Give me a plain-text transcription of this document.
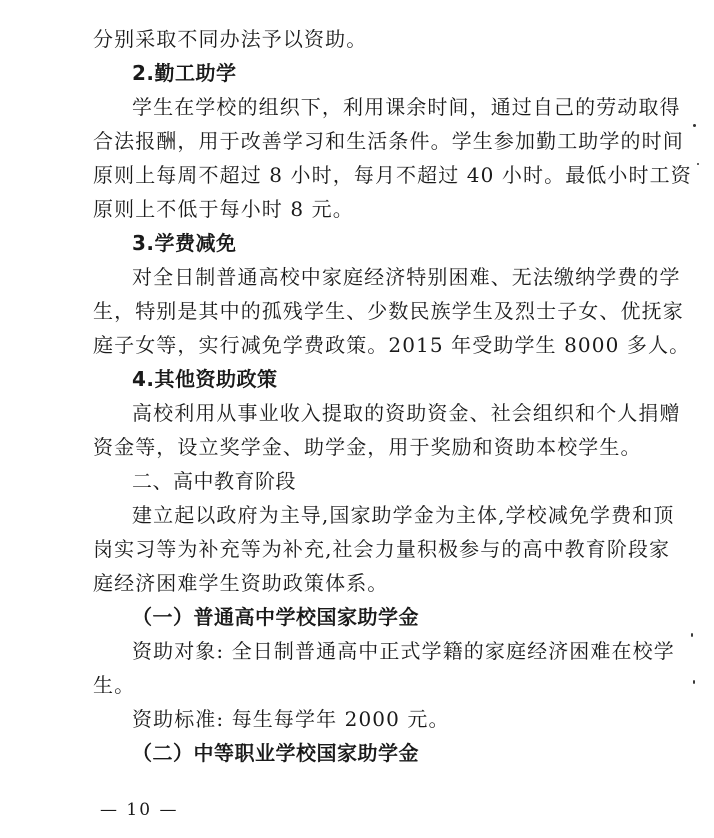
分别采取不同办法予以资助。
2.勤工助学
学生在学校的组织下，利用课余时间，通过自己的劳动取得
合法报酬，用于改善学习和生活条件。学生参加勤工助学的时间
原则上每周不超过 8 小时，每月不超过 40 小时。最低小时工资
原则上不低于每小时 8 元。
3.学费减免
对全日制普通高校中家庭经济特别困难、无法缴纳学费的学
生，特别是其中的孤残学生、少数民族学生及烈士子女、优抚家
庭子女等，实行减免学费政策。2015 年受助学生 8000 多人。
4.其他资助政策
高校利用从事业收入提取的资助资金、社会组织和个人捐赠
资金等，设立奖学金、助学金，用于奖励和资助本校学生。
二、高中教育阶段
建立起以政府为主导,国家助学金为主体,学校减免学费和顶
岗实习等为补充等为补充,社会力量积极参与的高中教育阶段家
庭经济困难学生资助政策体系。
（一）普通高中学校国家助学金
资助对象: 全日制普通高中正式学籍的家庭经济困难在校学
生。
资助标准: 每生每学年 2000 元。
（二）中等职业学校国家助学金
— 10 —
